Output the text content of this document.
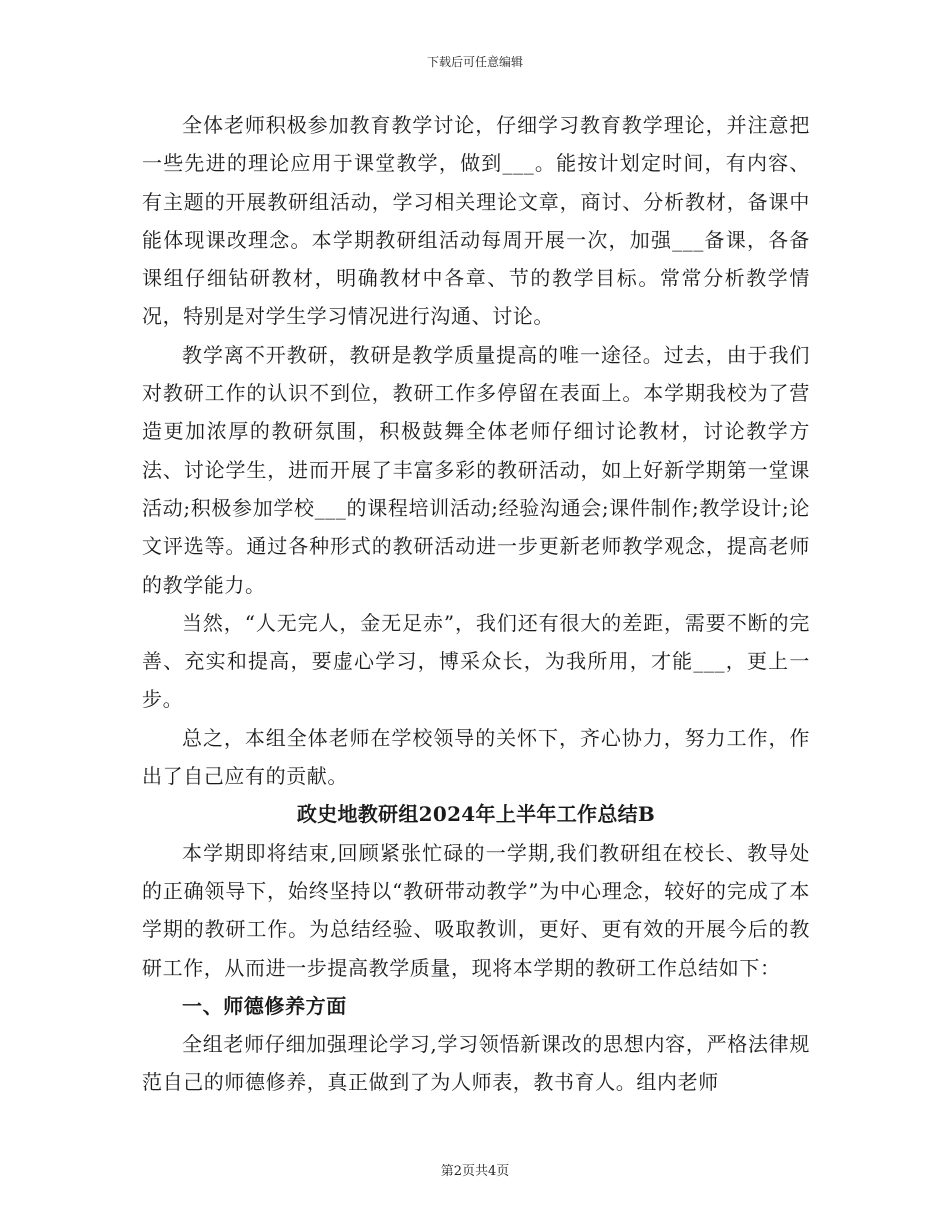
下载后可任意编辑

全体老师积极参加教育教学讨论，仔细学习教育教学理论，并注意把一些先进的理论应用于课堂教学，做到___。能按计划定时间，有内容、有主题的开展教研组活动，学习相关理论文章，商讨、分析教材，备课中能体现课改理念。本学期教研组活动每周开展一次，加强___备课，各备课组仔细钻研教材，明确教材中各章、节的教学目标。常常分析教学情况，特别是对学生学习情况进行沟通、讨论。

教学离不开教研，教研是教学质量提高的唯一途径。过去，由于我们对教研工作的认识不到位，教研工作多停留在表面上。本学期我校为了营造更加浓厚的教研氛围，积极鼓舞全体老师仔细讨论教材，讨论教学方法、讨论学生，进而开展了丰富多彩的教研活动，如上好新学期第一堂课活动;积极参加学校___的课程培训活动;经验沟通会;课件制作;教学设计;论文评选等。通过各种形式的教研活动进一步更新老师教学观念，提高老师的教学能力。

当然，“人无完人，金无足赤”，我们还有很大的差距，需要不断的完善、充实和提高，要虚心学习，博采众长，为我所用，才能___，更上一步。

总之，本组全体老师在学校领导的关怀下，齐心协力，努力工作，作出了自己应有的贡献。

政史地教研组2024年上半年工作总结B

本学期即将结束,回顾紧张忙碌的一学期,我们教研组在校长、教导处的正确领导下，始终坚持以“教研带动教学”为中心理念，较好的完成了本学期的教研工作。为总结经验、吸取教训，更好、更有效的开展今后的教研工作，从而进一步提高教学质量，现将本学期的教研工作总结如下：

一、师德修养方面

全组老师仔细加强理论学习,学习领悟新课改的思想内容，严格法律规范自己的师德修养，真正做到了为人师表，教书育人。组内老师

第2页共4页
